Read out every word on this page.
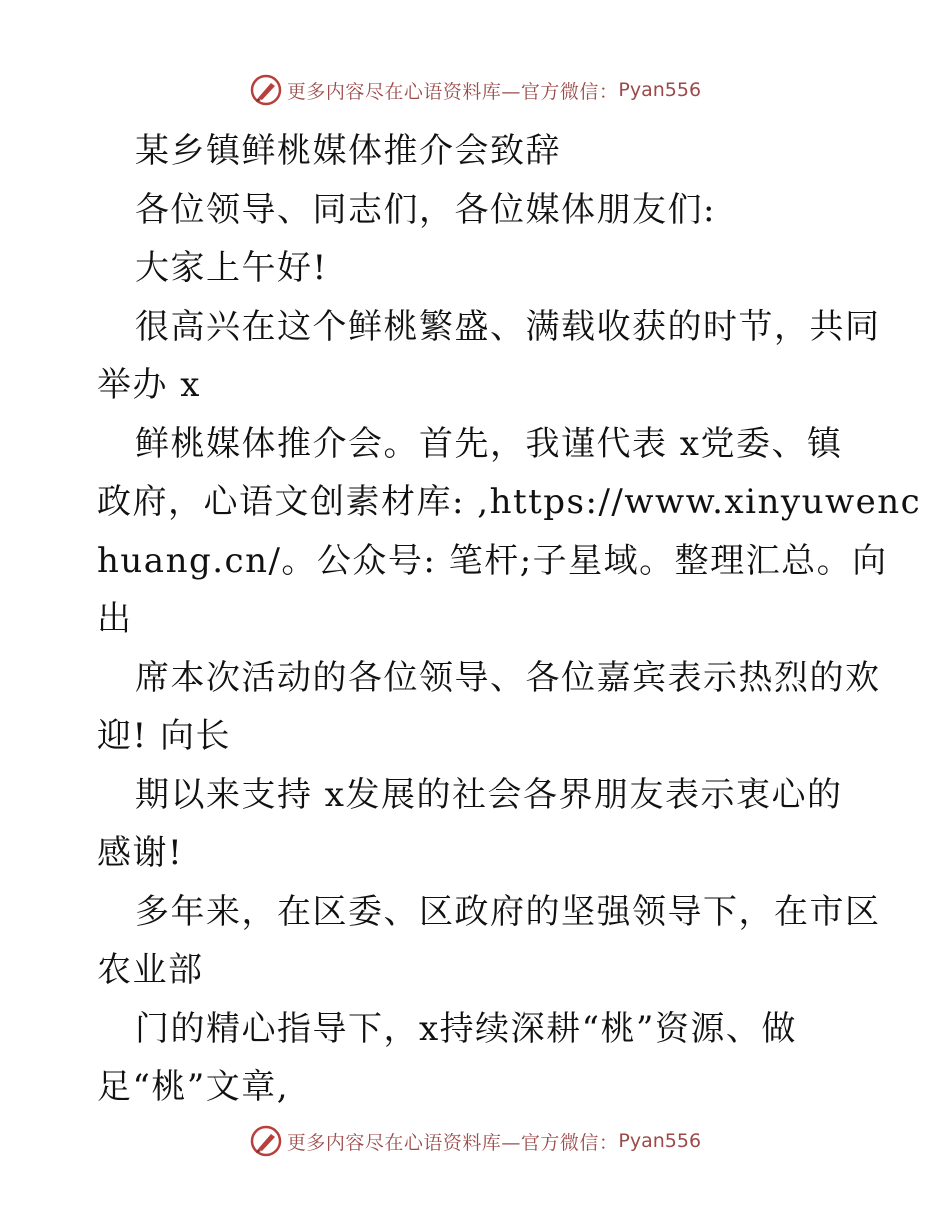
更多内容尽在心语资料库—官方微信： Pyan556
某乡镇鲜桃媒体推介会致辞
各位领导、同志们，各位媒体朋友们:
大家上午好!
很高兴在这个鲜桃繁盛、满载收获的时节，共同
举办 x
鲜桃媒体推介会。首先，我谨代表 x党委、镇
政府，心语文创素材库: ,https://www.xinyuwenc
huang.cn/。公众号: 笔杆;子星域。整理汇总。向
出
席本次活动的各位领导、各位嘉宾表示热烈的欢
迎! 向长
期以来支持 x发展的社会各界朋友表示衷心的
感谢!
多年来，在区委、区政府的坚强领导下，在市区
农业部
门的精心指导下，x持续深耕“桃”资源、做
足“桃”文章,
更多内容尽在心语资料库—官方微信： Pyan556
